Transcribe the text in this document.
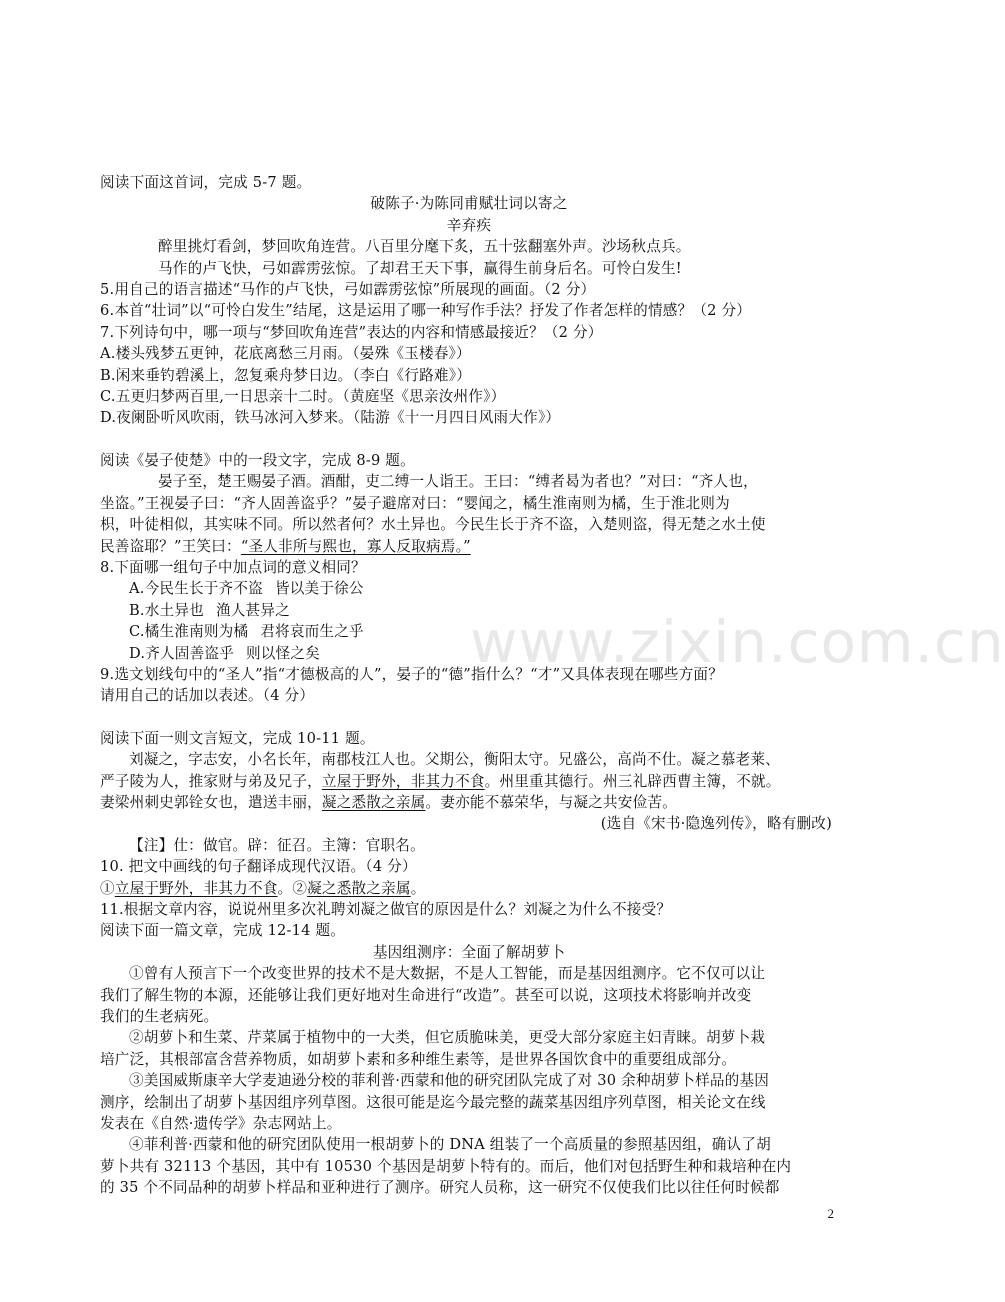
阅读下面这首词，完成 5-7 题。
破陈子·为陈同甫赋壮词以寄之
辛弃疾
醉里挑灯看剑，梦回吹角连营。八百里分麾下炙，五十弦翻塞外声。沙场秋点兵。
马作的卢飞快，弓如霹雳弦惊。了却君王天下事，赢得生前身后名。可怜白发生!
5.用自己的语言描述“马作的卢飞快，弓如霹雳弦惊”所展现的画面。（2 分）
6.本首“壮词”以“可怜白发生”结尾，这是运用了哪一种写作手法？抒发了作者怎样的情感？（2 分）
7.下列诗句中，哪一项与“梦回吹角连营”表达的内容和情感最接近？（2 分）
A.楼头残梦五更钟，花底离愁三月雨。（晏殊《玉楼春》）
B.闲来垂钓碧溪上，忽复乘舟梦日边。（李白《行路难》）
C.五更归梦两百里,一日思亲十二时。（黄庭坚《思亲汝州作》）
D.夜阑卧听风吹雨，铁马冰河入梦来。（陆游《十一月四日风雨大作》）
阅读《晏子使楚》中的一段文字，完成 8-9 题。
晏子至，楚王赐晏子酒。酒酣，吏二缚一人诣王。王曰：“缚者曷为者也？”对曰：“齐人也，
坐盗。”王视晏子曰：“齐人固善盗乎？”晏子避席对曰：“婴闻之，橘生淮南则为橘，生于淮北则为
枳，叶徒相似，其实味不同。所以然者何？水土异也。今民生长于齐不盗，入楚则盗，得无楚之水土使
民善盗耶？”王笑曰：“圣人非所与熙也，寡人反取病焉。”
8.下面哪一组句子中加点词的意义相同？
A.今民生长于齐不盗 皆以美于徐公
B.水土异也 渔人甚异之
C.橘生淮南则为橘 君将哀而生之乎
D.齐人固善盗乎 则以怪之矣
9.选文划线句中的“圣人”指“才德极高的人”，晏子的“德”指什么？“才”又具体表现在哪些方面？
请用自己的话加以表述。（4 分）
阅读下面一则文言短文，完成 10-11 题。
刘凝之，字志安，小名长年，南郡枝江人也。父期公，衡阳太守。兄盛公，高尚不仕。凝之慕老莱、
严子陵为人，推家财与弟及兄子，立屋于野外，非其力不食。州里重其德行。州三礼辟西曹主簿，不就。
妻梁州刺史郭铨女也，遣送丰丽，凝之悉散之亲属。妻亦能不慕荣华，与凝之共安俭苦。
(选自《宋书·隐逸列传》，略有删改)
【注】仕：做官。辟：征召。主簿：官职名。
10. 把文中画线的句子翻译成现代汉语。（4 分）
①立屋于野外，非其力不食。②凝之悉散之亲属。
11.根据文章内容，说说州里多次礼聘刘凝之做官的原因是什么？刘凝之为什么不接受？
阅读下面一篇文章，完成 12-14 题。
基因组测序：全面了解胡萝卜
①曾有人预言下一个改变世界的技术不是大数据，不是人工智能，而是基因组测序。它不仅可以让
我们了解生物的本源，还能够让我们更好地对生命进行“改造”。甚至可以说，这项技术将影响并改变
我们的生老病死。
②胡萝卜和生菜、芹菜属于植物中的一大类，但它质脆味美，更受大部分家庭主妇青睐。胡萝卜栽
培广泛，其根部富含营养物质，如胡萝卜素和多种维生素等，是世界各国饮食中的重要组成部分。
③美国威斯康辛大学麦迪逊分校的菲利普·西蒙和他的研究团队完成了对 30 余种胡萝卜样品的基因
测序，绘制出了胡萝卜基因组序列草图。这很可能是迄今最完整的蔬菜基因组序列草图，相关论文在线
发表在《自然·遗传学》杂志网站上。
④菲利普·西蒙和他的研究团队使用一根胡萝卜的 DNA 组装了一个高质量的参照基因组，确认了胡
萝卜共有 32113 个基因，其中有 10530 个基因是胡萝卜特有的。而后，他们对包括野生种和栽培种在内
的 35 个不同品种的胡萝卜样品和亚种进行了测序。研究人员称，这一研究不仅使我们比以往任何时候都
www.zixin.com.cn
2
